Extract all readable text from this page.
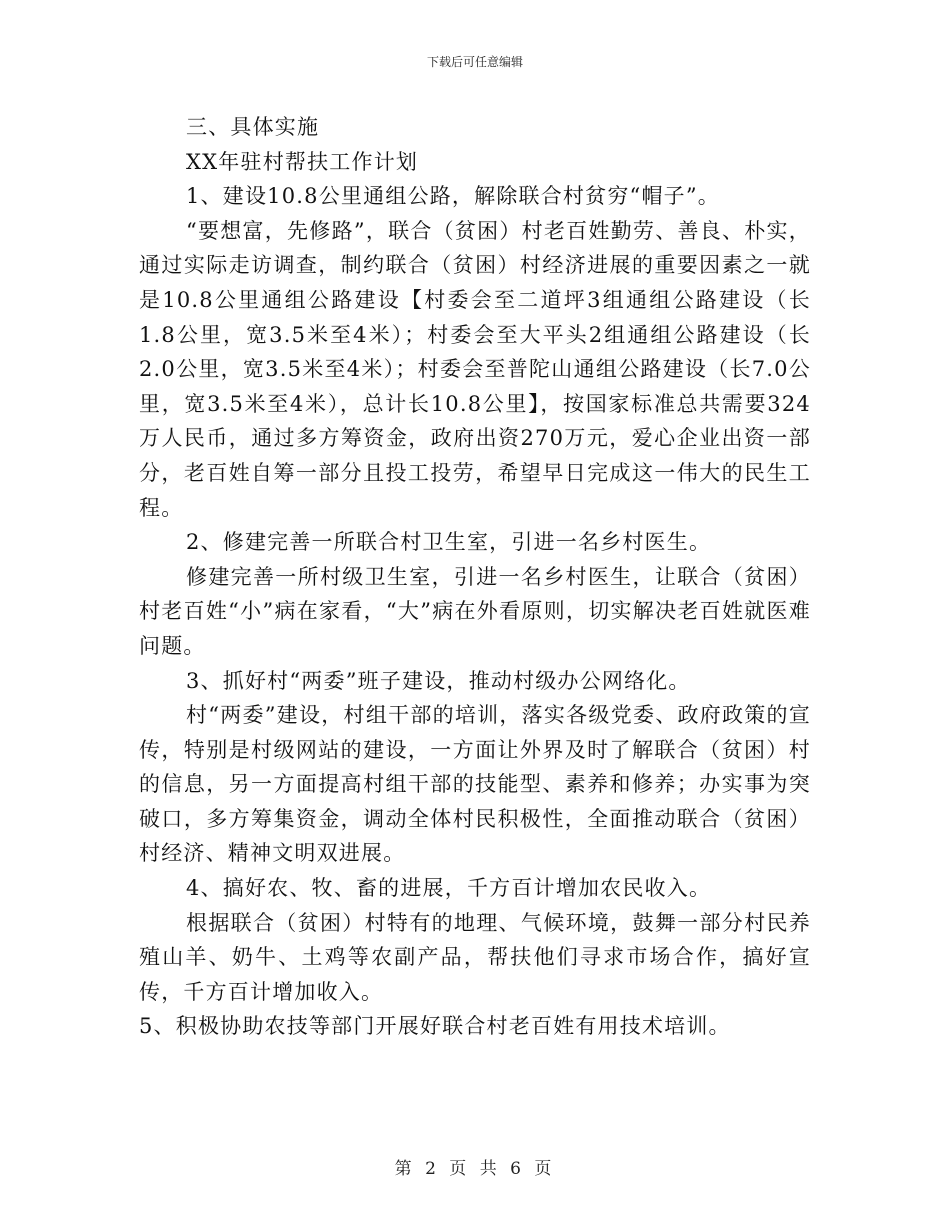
下载后可任意编辑

三、具体实施

XX年驻村帮扶工作计划

1、建设10.8公里通组公路，解除联合村贫穷“帽子”。

“要想富，先修路”，联合（贫困）村老百姓勤劳、善良、朴实，通过实际走访调查，制约联合（贫困）村经济进展的重要因素之一就是10.8公里通组公路建设【村委会至二道坪3组通组公路建设（长1.8公里，宽3.5米至4米）；村委会至大平头2组通组公路建设（长2.0公里，宽3.5米至4米）；村委会至普陀山通组公路建设（长7.0公里，宽3.5米至4米），总计长10.8公里】，按国家标准总共需要324万人民币，通过多方筹资金，政府出资270万元，爱心企业出资一部分，老百姓自筹一部分且投工投劳，希望早日完成这一伟大的民生工程。

2、修建完善一所联合村卫生室，引进一名乡村医生。

修建完善一所村级卫生室，引进一名乡村医生，让联合（贫困）村老百姓“小”病在家看，“大”病在外看原则，切实解决老百姓就医难问题。

3、抓好村“两委”班子建设，推动村级办公网络化。

村“两委”建设，村组干部的培训，落实各级党委、政府政策的宣传，特别是村级网站的建设，一方面让外界及时了解联合（贫困）村的信息，另一方面提高村组干部的技能型、素养和修养；办实事为突破口，多方筹集资金，调动全体村民积极性，全面推动联合（贫困）村经济、精神文明双进展。

4、搞好农、牧、畜的进展，千方百计增加农民收入。

根据联合（贫困）村特有的地理、气候环境，鼓舞一部分村民养殖山羊、奶牛、土鸡等农副产品，帮扶他们寻求市场合作，搞好宣传，千方百计增加收入。

5、积极协助农技等部门开展好联合村老百姓有用技术培训。

第 2 页 共 6 页
